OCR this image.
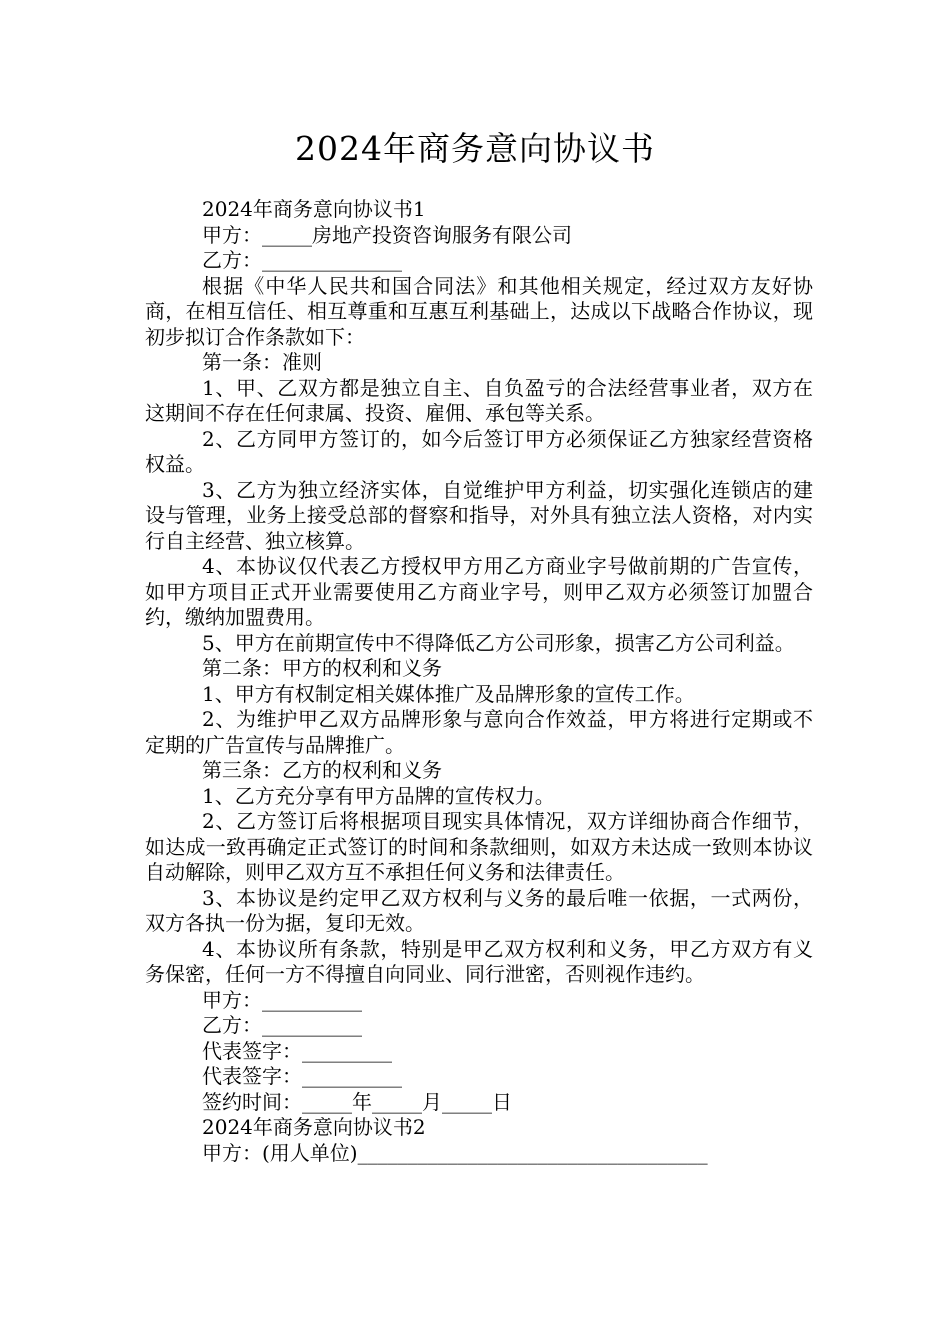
2024年商务意向协议书

2024年商务意向协议书1

甲方：_____房地产投资咨询服务有限公司

乙方：______________

根据《中华人民共和国合同法》和其他相关规定，经过双方友好协商，在相互信任、相互尊重和互惠互利基础上，达成以下战略合作协议，现初步拟订合作条款如下：

第一条：准则

1、甲、乙双方都是独立自主、自负盈亏的合法经营事业者，双方在这期间不存在任何隶属、投资、雇佣、承包等关系。

2、乙方同甲方签订的，如今后签订甲方必须保证乙方独家经营资格权益。

3、乙方为独立经济实体，自觉维护甲方利益，切实强化连锁店的建设与管理，业务上接受总部的督察和指导，对外具有独立法人资格，对内实行自主经营、独立核算。

4、本协议仅代表乙方授权甲方用乙方商业字号做前期的广告宣传，如甲方项目正式开业需要使用乙方商业字号，则甲乙双方必须签订加盟合约，缴纳加盟费用。

5、甲方在前期宣传中不得降低乙方公司形象，损害乙方公司利益。

第二条：甲方的权利和义务

1、甲方有权制定相关媒体推广及品牌形象的宣传工作。

2、为维护甲乙双方品牌形象与意向合作效益，甲方将进行定期或不定期的广告宣传与品牌推广。

第三条：乙方的权利和义务

1、乙方充分享有甲方品牌的宣传权力。

2、乙方签订后将根据项目现实具体情况，双方详细协商合作细节，如达成一致再确定正式签订的时间和条款细则，如双方未达成一致则本协议自动解除，则甲乙双方互不承担任何义务和法律责任。

3、本协议是约定甲乙双方权利与义务的最后唯一依据，一式两份，双方各执一份为据，复印无效。

4、本协议所有条款，特别是甲乙双方权利和义务，甲乙方双方有义务保密，任何一方不得擅自向同业、同行泄密，否则视作违约。

甲方：__________

乙方：__________

代表签字：_________

代表签字：__________

签约时间：_____年_____月_____日

2024年商务意向协议书2

甲方：(用人单位)___________________________________
